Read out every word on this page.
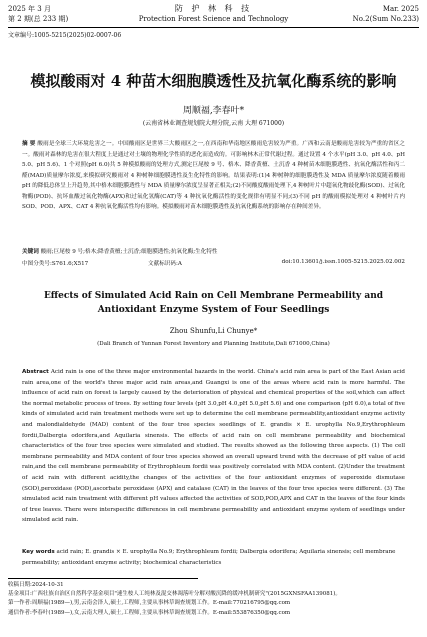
2025 年 3 月
第 2 期(总 233 期)
防 护 林 科 技
Protection Forest Science and Technology
Mar. 2025
No.2(Sum No.233)
文章编号:1005-5215(2025)02-0007-06
模拟酸雨对 4 种苗木细胞膜透性及抗氧化酶系统的影响
周顺福,李春叶*
(云南省林业调查规划院大理分院,云南 大理 671000)
摘 要 酸雨是全球三大环境危害之一。中国酸雨区是世界三大酸雨区之一,在西南和华南地区酸雨危害较为严重。广西和云南是酸雨危害较为严重的省区之一。酸雨对森林的危害在很大程度上是通过对土壤的物理化学性质的恶化而造成的。可影响林木正常代谢过程。通过设置 4 个水平(pH 3.0、pH 4.0、pH 5.0、pH 5.6)、1 个对照(pH 6.0)共 5 种模拟酸雨的处理方式,测定巨尾桉 9 号、格木、降香黄檀、土沉香 4 种树苗木细胞膜透性、抗氧化酶活性和丙二醛(MAD)质量摩尔浓度,来模拟研究酸雨对 4 种树种细胞膜透性及生化特性的影响。结果表明:(1)4 种树种的细胞膜透性及 MDA 质量摩尔浓度随着酸雨 pH 的降低总体呈上升趋势,其中格木细胞膜透性与 MDA 质量摩尔浓度呈显著正相关;(2)不同酸度酸雨处理下,4 种树叶片中超氧化物歧化酶(SOD)、过氧化物酶(POD)、抗坏血酸过氧化物酶(APX)和过氧化氢酶(CAT)等 4 种抗氧化酶活性的变化规律有明显不同;(3)不同 pH 的酸雨模拟处理对 4 种树叶片内 SOD、POD、APX、CAT 4 种抗氧化酶活性均有影响。模拟酸雨对苗木细胞膜透性及抗氧化酶系统的影响存在种间差异。
关键词 酸雨;巨尾桉 9 号;格木;降香黄檀;土沉香;细胞膜透性;抗氧化酶;生化特性
中图分类号:S761.6;X517	文献标识码:A	doi:10.13601/j.issn.1005-5215.2025.02.002
Effects of Simulated Acid Rain on Cell Membrane Permeability and Antioxidant Enzyme System of Four Seedlings
Zhou Shunfu,Li Chunye*
(Dali Branch of Yunnan Forest Inventory and Planning Institute,Dali 671000,China)
Abstract Acid rain is one of the three major environmental hazards in the world. China's acid rain area is part of the East Asian acid rain area,one of the world's three major acid rain areas,and Guangxi is one of the areas where acid rain is more harmful. The influence of acid rain on forest is largely caused by the deterioration of physical and chemical properties of the soil,which can affect the normal metabolic process of trees. By setting four levels (pH 3.0,pH 4.0,pH 5.0,pH 5.6) and one comparison (pH 6.0),a total of five kinds of simulated acid rain treatment methods were set up to determine the cell membrane permeability,antioxidant enzyme activity and malondialdehyde (MAD) content of the four tree species seedlings of E. grandis × E. urophylla No.9,Erythrophleum fordii,Dalbergia odorifera,and Aquilaria sinensis. The effects of acid rain on cell membrane permeability and biochemical characteristics of the four tree species were simulated and studied. The results showed as the following three aspects. (1) The cell membrane permeability and MDA content of four tree species showed an overall upward trend with the decrease of pH value of acid rain,and the cell membrane permeability of Erythrophleum fordii was positively correlated with MDA content. (2)Under the treatment of acid rain with different acidity,the changes of the activities of the four antioxidant enzymes of superoxide dismutase (SOD),peroxidase (POD),ascorbate peroxidase (APX) and catalase (CAT) in the leaves of the four tree species were different. (3) The simulated acid rain treatment with different pH values affected the activities of SOD,POD,APX and CAT in the leaves of the four kinds of tree leaves. There were interspecific differences in cell membrane permeability and antioxidant enzyme system of seedlings under simulated acid rain.
Key words acid rain; E. grandis × E. urophylla No.9; Erythrophleum fordii; Dalbergia odorifera; Aquilaria sinensis; cell membrane permeability; antioxidant enzyme activity; biochemical characteristics
收稿日期:2024-10-31
基金项目:广西壮族自治区自然科学基金项目"速生桉人工纯林及混交林凋落叶分解对酸沉降的缓冲机制研究"(2015GXNSFAA139081)。
第一作者:周顺福(1989—),男,云南会泽人,硕士,工程师,主要从事林草调查规划工作。E-mail:770216795@qq.com
通信作者:李春叶(1989—),女,云南大理人,硕士,工程师,主要从事林草调查规划工作。E-mail:553876350@qq.com
